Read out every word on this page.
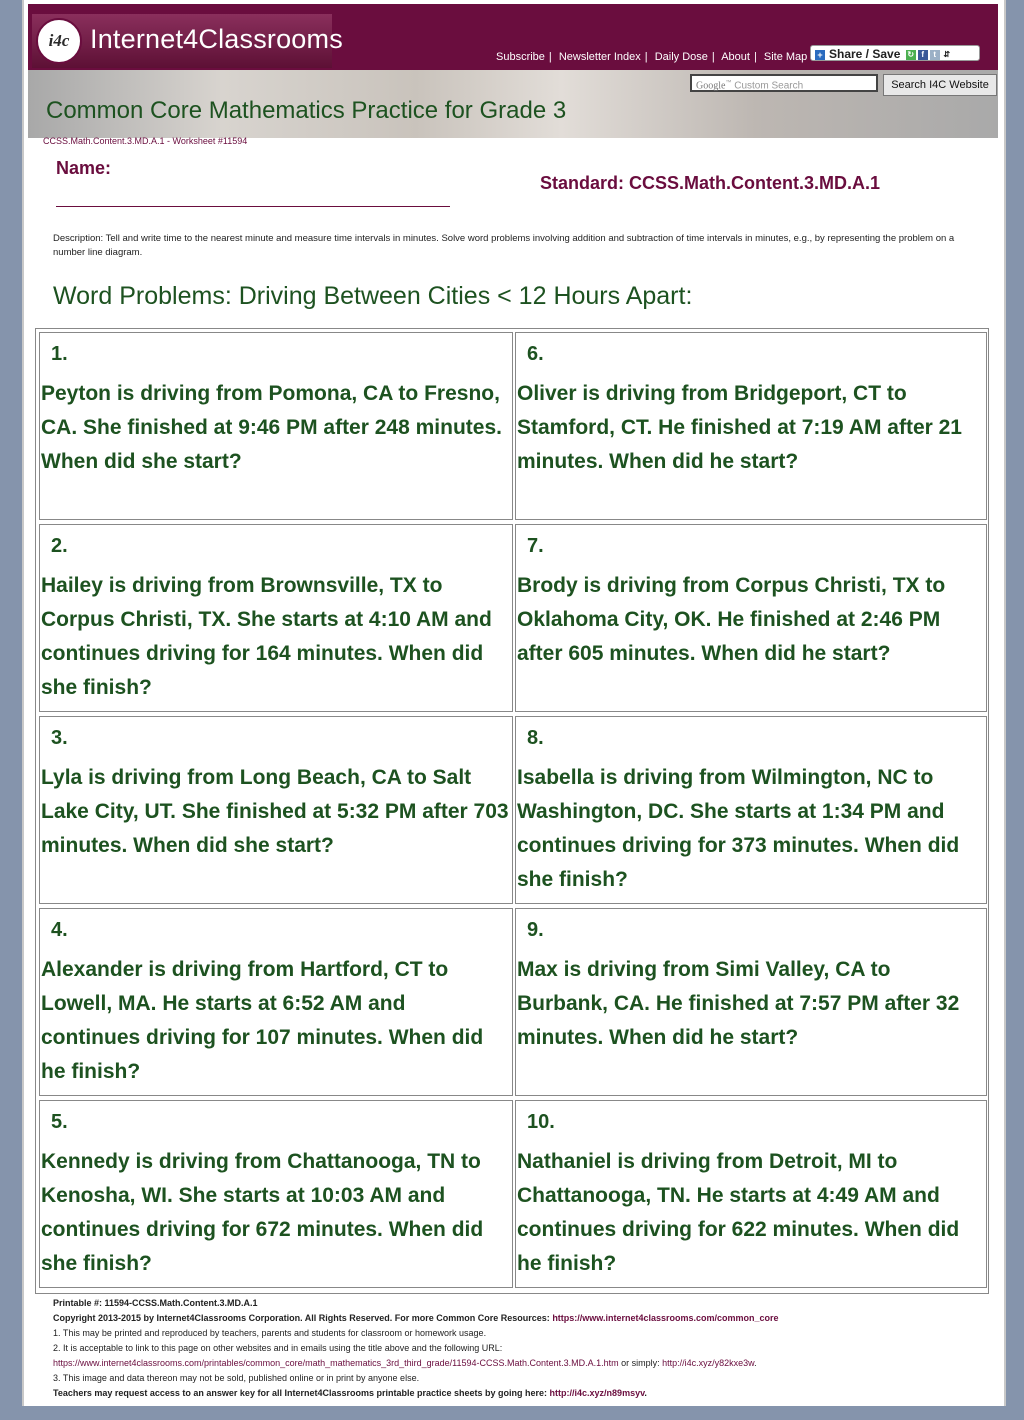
i4c Internet4Classrooms
Subscribe | Newsletter Index | Daily Dose | About | Site Map	+ Share / Save ↻ f t ⇵
Google™ Custom Search	Search I4C Website
Common Core Mathematics Practice for Grade 3
CCSS.Math.Content.3.MD.A.1 - Worksheet #11594
Name:
Standard: CCSS.Math.Content.3.MD.A.1
Description: Tell and write time to the nearest minute and measure time intervals in minutes. Solve word problems involving addition and subtraction of time intervals in minutes, e.g., by representing the problem on a number line diagram.
Word Problems: Driving Between Cities < 12 Hours Apart:
1.
Peyton is driving from Pomona, CA to Fresno, CA. She finished at 9:46 PM after 248 minutes. When did she start?
6.
Oliver is driving from Bridgeport, CT to Stamford, CT. He finished at 7:19 AM after 21 minutes. When did he start?
2.
Hailey is driving from Brownsville, TX to Corpus Christi, TX. She starts at 4:10 AM and continues driving for 164 minutes. When did she finish?
7.
Brody is driving from Corpus Christi, TX to Oklahoma City, OK. He finished at 2:46 PM after 605 minutes. When did he start?
3.
Lyla is driving from Long Beach, CA to Salt Lake City, UT. She finished at 5:32 PM after 703 minutes. When did she start?
8.
Isabella is driving from Wilmington, NC to Washington, DC. She starts at 1:34 PM and continues driving for 373 minutes. When did she finish?
4.
Alexander is driving from Hartford, CT to Lowell, MA. He starts at 6:52 AM and continues driving for 107 minutes. When did he finish?
9.
Max is driving from Simi Valley, CA to Burbank, CA. He finished at 7:57 PM after 32 minutes. When did he start?
5.
Kennedy is driving from Chattanooga, TN to Kenosha, WI. She starts at 10:03 AM and continues driving for 672 minutes. When did she finish?
10.
Nathaniel is driving from Detroit, MI to Chattanooga, TN. He starts at 4:49 AM and continues driving for 622 minutes. When did he finish?
Printable #: 11594-CCSS.Math.Content.3.MD.A.1
Copyright 2013-2015 by Internet4Classrooms Corporation. All Rights Reserved. For more Common Core Resources: https://www.internet4classrooms.com/common_core
1. This may be printed and reproduced by teachers, parents and students for classroom or homework usage.
2. It is acceptable to link to this page on other websites and in emails using the title above and the following URL:
https://www.internet4classrooms.com/printables/common_core/math_mathematics_3rd_third_grade/11594-CCSS.Math.Content.3.MD.A.1.htm or simply: http://i4c.xyz/y82kxe3w.
3. This image and data thereon may not be sold, published online or in print by anyone else.
Teachers may request access to an answer key for all Internet4Classrooms printable practice sheets by going here: http://i4c.xyz/n89msyv.
